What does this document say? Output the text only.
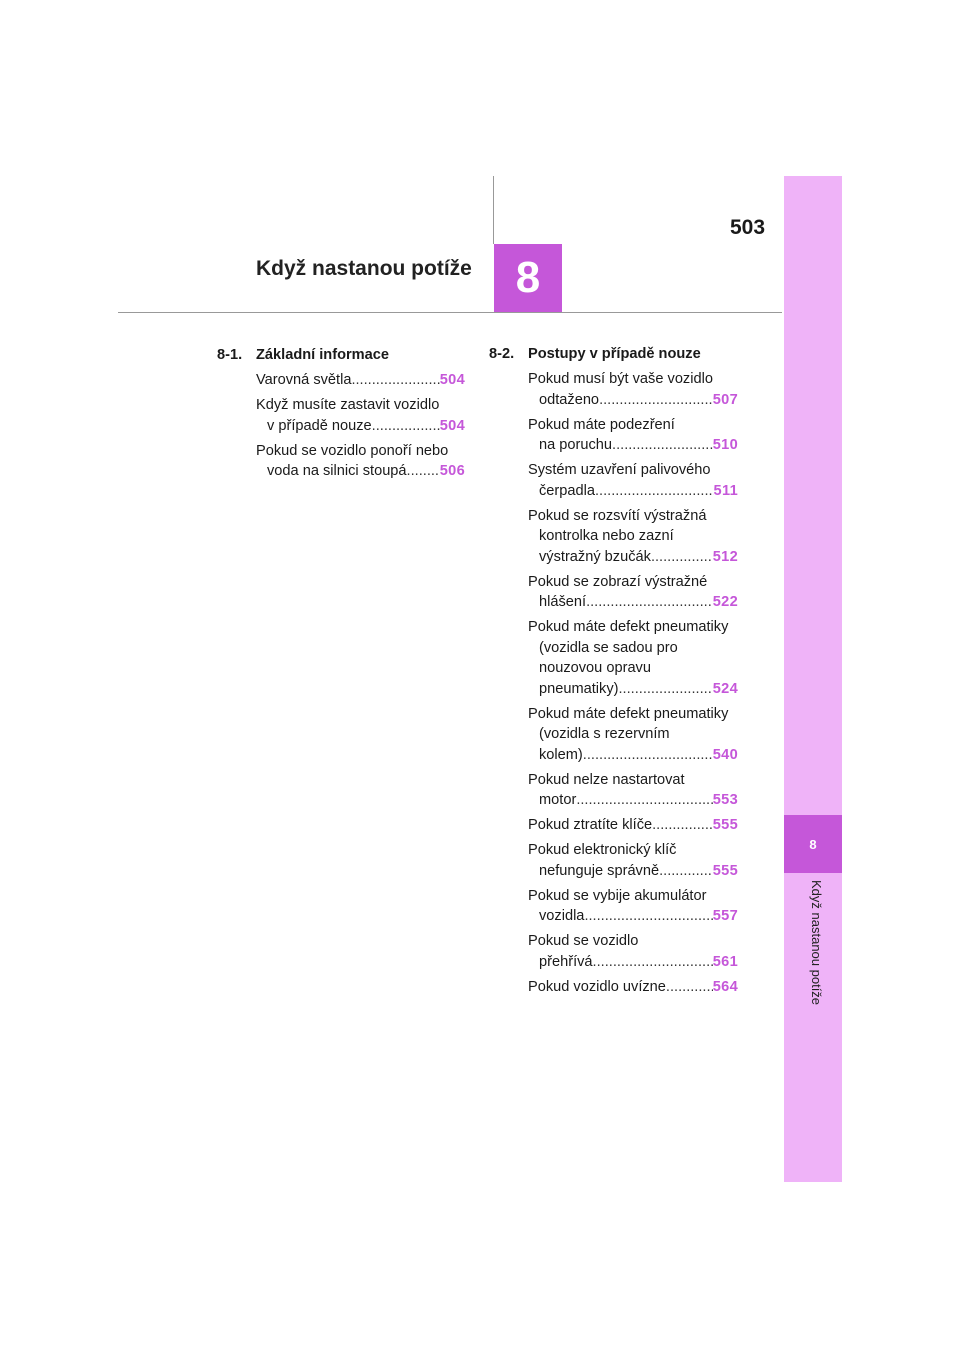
503
Když nastanou potíže 8
8
Když nastanou potíže
8-1. Základní informace
Varovná světla .....	504
Když musíte zastavit vozidlo
v případě nouze .....	504
Pokud se vozidlo ponoří nebo
voda na silnici stoupá ..... 506
8-2. Postupy v případě nouze
Pokud musí být vaše vozidlo
odtaženo .....	507
Pokud máte podezření
na poruchu .....	510
Systém uzavření palivového
čerpadla .....	511
Pokud se rozsvítí výstražná
kontrolka nebo zazní
výstražný bzučák .....	512
Pokud se zobrazí výstražné
hlášení .....	522
Pokud máte defekt pneumatiky
(vozidla se sadou pro
nouzovou opravu
pneumatiky) .....	524
Pokud máte defekt pneumatiky
(vozidla s rezervním
kolem) .....	540
Pokud nelze nastartovat
motor .....	553
Pokud ztratíte klíče .....	555
Pokud elektronický klíč
nefunguje správně .....	555
Pokud se vybije akumulátor
vozidla .....	557
Pokud se vozidlo
přehřívá .....	561
Pokud vozidlo uvízne .....	564
